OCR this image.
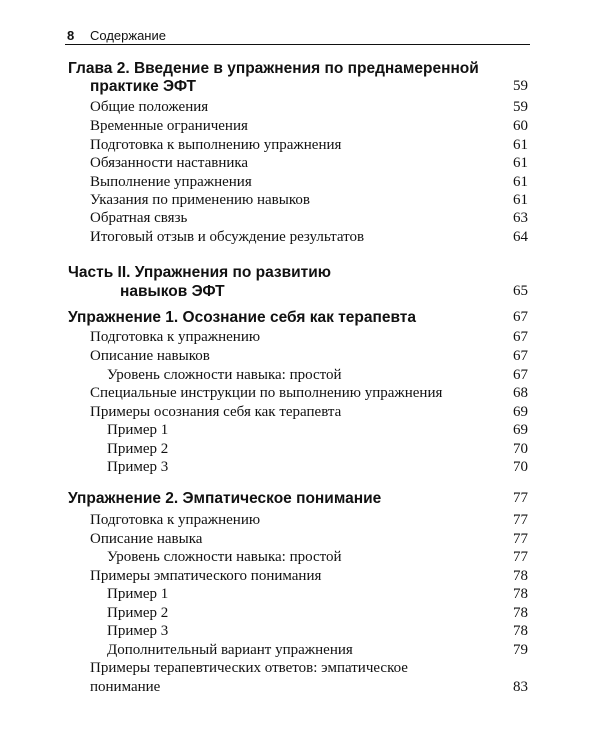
8 Содержание
Глава 2. Введение в упражнения по преднамеренной
практике ЭФТ	59
Общие положения	59
Временные ограничения	60
Подготовка к выполнению упражнения	61
Обязанности наставника	61
Выполнение упражнения	61
Указания по применению навыков	61
Обратная связь	63
Итоговый отзыв и обсуждение результатов	64
Часть II. Упражнения по развитию
навыков ЭФТ	65
Упражнение 1. Осознание себя как терапевта	67
Подготовка к упражнению	67
Описание навыков	67
Уровень сложности навыка: простой	67
Специальные инструкции по выполнению упражнения	68
Примеры осознания себя как терапевта	69
Пример 1	69
Пример 2	70
Пример 3	70
Упражнение 2. Эмпатическое понимание	77
Подготовка к упражнению	77
Описание навыка	77
Уровень сложности навыка: простой	77
Примеры эмпатического понимания	78
Пример 1	78
Пример 2	78
Пример 3	78
Дополнительный вариант упражнения	79
Примеры терапевтических ответов: эмпатическое
понимание	83
